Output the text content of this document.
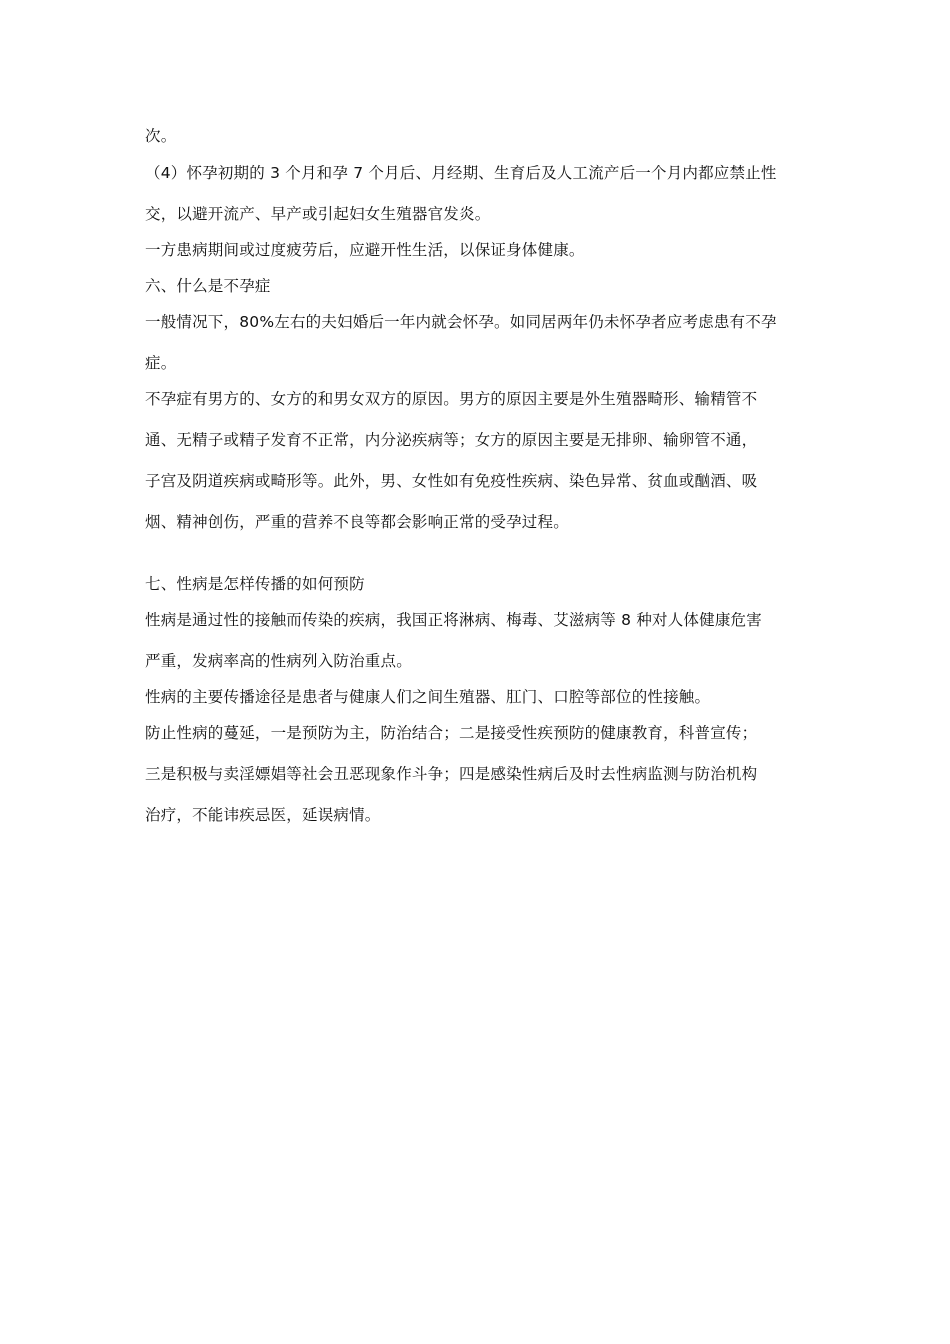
次。
（4）怀孕初期的 3 个月和孕 7 个月后、月经期、生育后及人工流产后一个月内都应禁止性
交，以避开流产、早产或引起妇女生殖器官发炎。
一方患病期间或过度疲劳后，应避开性生活，以保证身体健康。
六、什么是不孕症
一般情况下，80%左右的夫妇婚后一年内就会怀孕。如同居两年仍未怀孕者应考虑患有不孕
症。
不孕症有男方的、女方的和男女双方的原因。男方的原因主要是外生殖器畸形、输精管不
通、无精子或精子发育不正常，内分泌疾病等；女方的原因主要是无排卵、输卵管不通，
子宫及阴道疾病或畸形等。此外，男、女性如有免疫性疾病、染色异常、贫血或酗酒、吸
烟、精神创伤，严重的营养不良等都会影响正常的受孕过程。
七、性病是怎样传播的如何预防
性病是通过性的接触而传染的疾病，我国正将淋病、梅毒、艾滋病等 8 种对人体健康危害
严重，发病率高的性病列入防治重点。
性病的主要传播途径是患者与健康人们之间生殖器、肛门、口腔等部位的性接触。
防止性病的蔓延，一是预防为主，防治结合；二是接受性疾预防的健康教育，科普宣传；
三是积极与卖淫嫖娼等社会丑恶现象作斗争；四是感染性病后及时去性病监测与防治机构
治疗，不能讳疾忌医，延误病情。
